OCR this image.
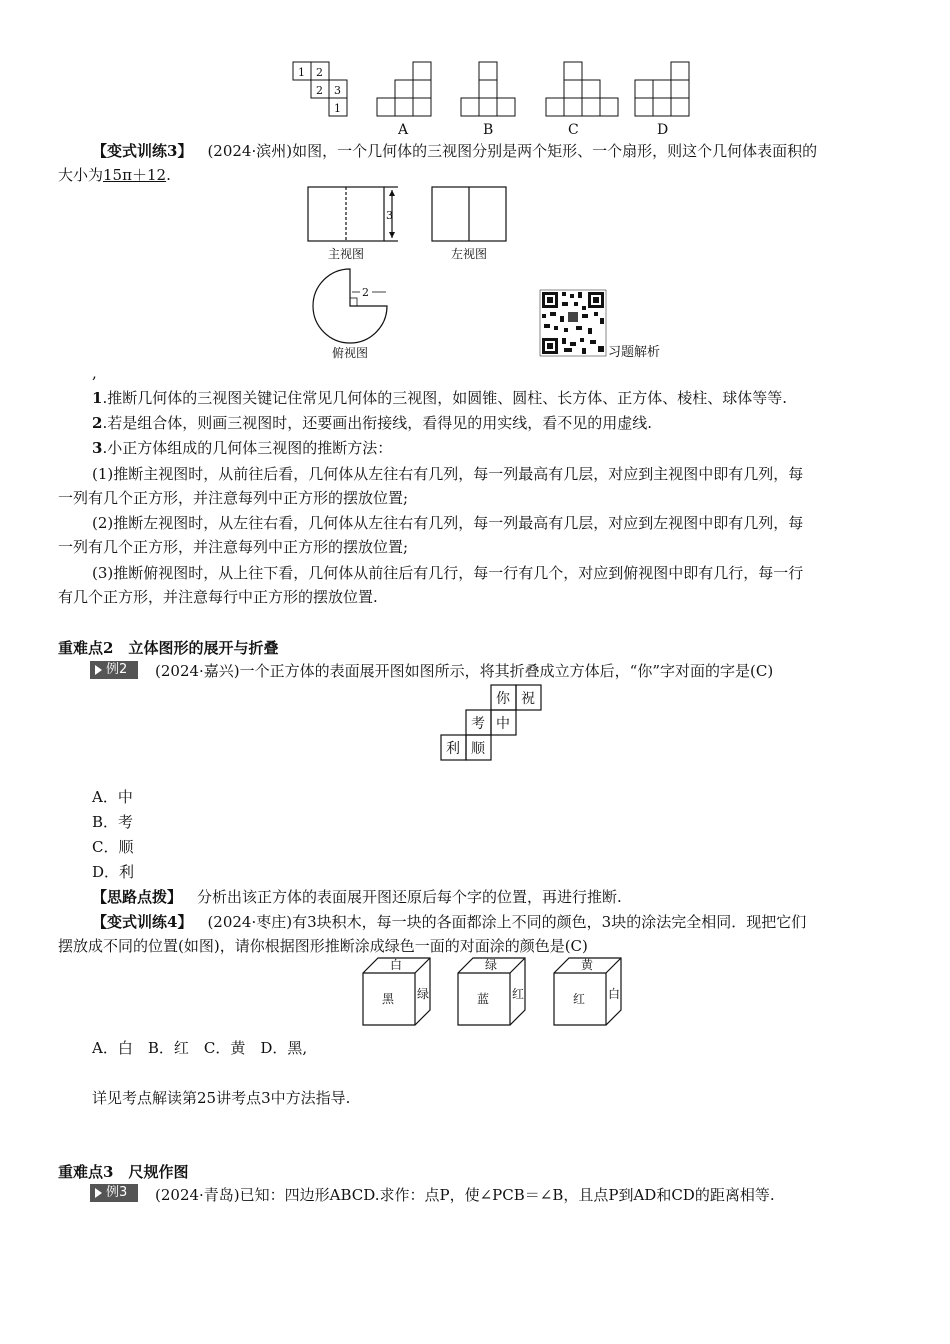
1 2
2 3
1
A	B	C	D
【变式训练3】  (2024·滨州)如图，一个几何体的三视图分别是两个矩形、一个扇形，则这个几何体表面积的
大小为15π＋12.
3
主视图	左视图
2
俯视图	习题解析
,
1.推断几何体的三视图关键记住常见几何体的三视图，如圆锥、圆柱、长方体、正方体、棱柱、球体等等.
2.若是组合体，则画三视图时，还要画出衔接线，看得见的用实线，看不见的用虚线.
3.小正方体组成的几何体三视图的推断方法：
(1)推断主视图时，从前往后看，几何体从左往右有几列，每一列最高有几层，对应到主视图中即有几列，每
一列有几个正方形，并注意每列中正方形的摆放位置;
(2)推断左视图时，从左往右看，几何体从左往右有几列，每一列最高有几层，对应到左视图中即有几列，每
一列有几个正方形，并注意每列中正方形的摆放位置;
(3)推断俯视图时，从上往下看，几何体从前往后有几行，每一行有几个，对应到俯视图中即有几行，每一行
有几个正方形，并注意每行中正方形的摆放位置.
重难点2　立体图形的展开与折叠
例2 (2024·嘉兴)一个正方体的表面展开图如图所示，将其折叠成立方体后，“你”字对面的字是(C)
你 祝
考 中
利 顺
A．中
B．考
C．顺
D．利
【思路点拨】  分析出该正方体的表面展开图还原后每个字的位置，再进行推断.
【变式训练4】  (2024·枣庄)有3块积木，每一块的各面都涂上不同的颜色，3块的涂法完全相同．现把它们
摆放成不同的位置(如图)，请你根据图形推断涂成绿色一面的对面涂的颜色是(C)
白
黑 绿
绿
蓝 红
黄
红 白
A．白　B．红　C．黄　D．黑,
详见考点解读第25讲考点3中方法指导.
重难点3　尺规作图
例3 (2024·青岛)已知：四边形ABCD.求作：点P，使∠PCB＝∠B，且点P到AD和CD的距离相等.
